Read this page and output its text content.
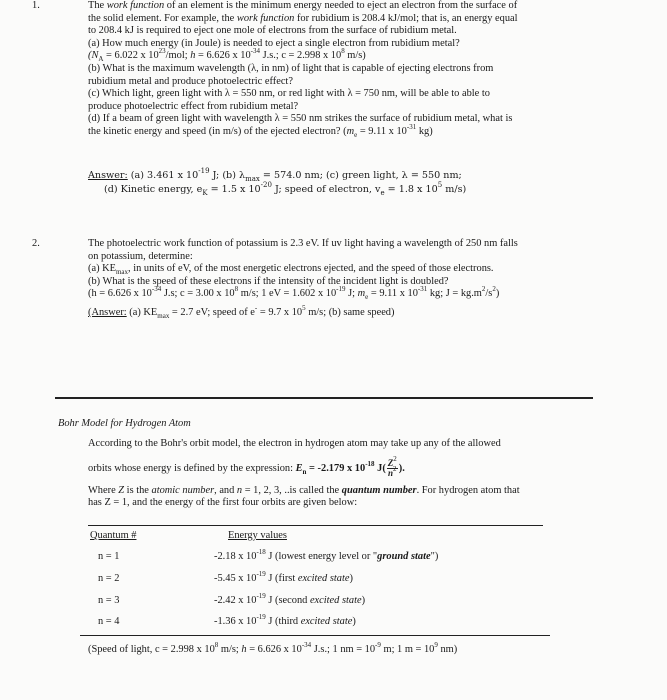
1.	The work function of an element is the minimum energy needed to eject an electron from the surface of

the solid element. For example, the work function for rubidium is 208.4 kJ/mol; that is, an energy equal

to 208.4 kJ is required to eject one mole of electrons from the surface of rubidium metal.

(a) How much energy (in Joule) is needed to eject a single electron from rubidium metal?

($N_A = 6.022$ x $10^{23}$/mol; h = 6.626 x $10^{-34}$ J.s.; c = 2.998 x $10^8$ m/s)

(b) What is the maximum wavelength (λ, in nm) of light that is capable of ejecting electrons from

rubidium metal and produce photoelectric effect?

(c) Which light, green light with λ = 550 nm, or red light with λ = 750 nm, will be able to able to

produce photoelectric effect from rubidium metal?

(d) If a beam of green light with wavelength λ = 550 nm strikes the surface of rubidium metal, what is

the kinetic energy and speed (in m/s) of the ejected electron? ($m_e = 9.11$ x $10^{-31}$ kg)

Answer: (a) 3.461 x $10^{-19}$ J; (b) $\lambda_{max} = 574.0$ nm; (c) green light, λ = 550 nm;

(d) Kinetic energy, $e_K = 1.5$ x $10^{-20}$ J; speed of electron, $v_e = 1.8$ x $10^5$ m/s)

2.	The photoelectric work function of potassium is 2.3 eV. If uv light having a wavelength of 250 nm falls

on potassium, determine:

(a) $KE_{max}$, in units of eV, of the most energetic electrons ejected, and the speed of those electrons.

(b) What is the speed of these electrons if the intensity of the incident light is doubled?

(h = 6.626 x $10^{-34}$ J.s; c = 3.00 x $10^8$ m/s; 1 eV = 1.602 x $10^{-19}$ J; $m_e = 9.11$ x $10^{-31}$ kg; $J = kg.m^2/s^2$)

(Answer: (a) $KE_{max} = 2.7$ eV; speed of e- = 9.7 x $10^5$ m/s; (b) same speed)

Bohr Model for Hydrogen Atom

According to the Bohr's orbit model, the electron in hydrogen atom may take up any of the allowed

orbits whose energy is defined by the expression: $E_n = -2.179$ x $10^{-18}$ $J( \frac{Z^2}{n^2}$ ).

Where Z is the atomic number, and n = 1, 2, 3, ..is called the quantum number. For hydrogen atom that

has Z = 1, and the energy of the first four orbits are given below:

Quantum #	Energy values
n = 1	-2.18 x $10^{-18}$ J (lowest energy level or "ground state")
n = 2	-5.45 x $10^{-19}$ J (first excited state)
n = 3	-2.42 x $10^{-19}$ J (second excited state)
n = 4	-1.36 x $10^{-19}$ J (third excited state)
(Speed of light, c = 2.998 x $10^8$ m/s; h = 6.626 x $10^{-34}$ J.s.; 1 nm = $10^{-9}$ m; 1 $m = 10^9$ nm)
